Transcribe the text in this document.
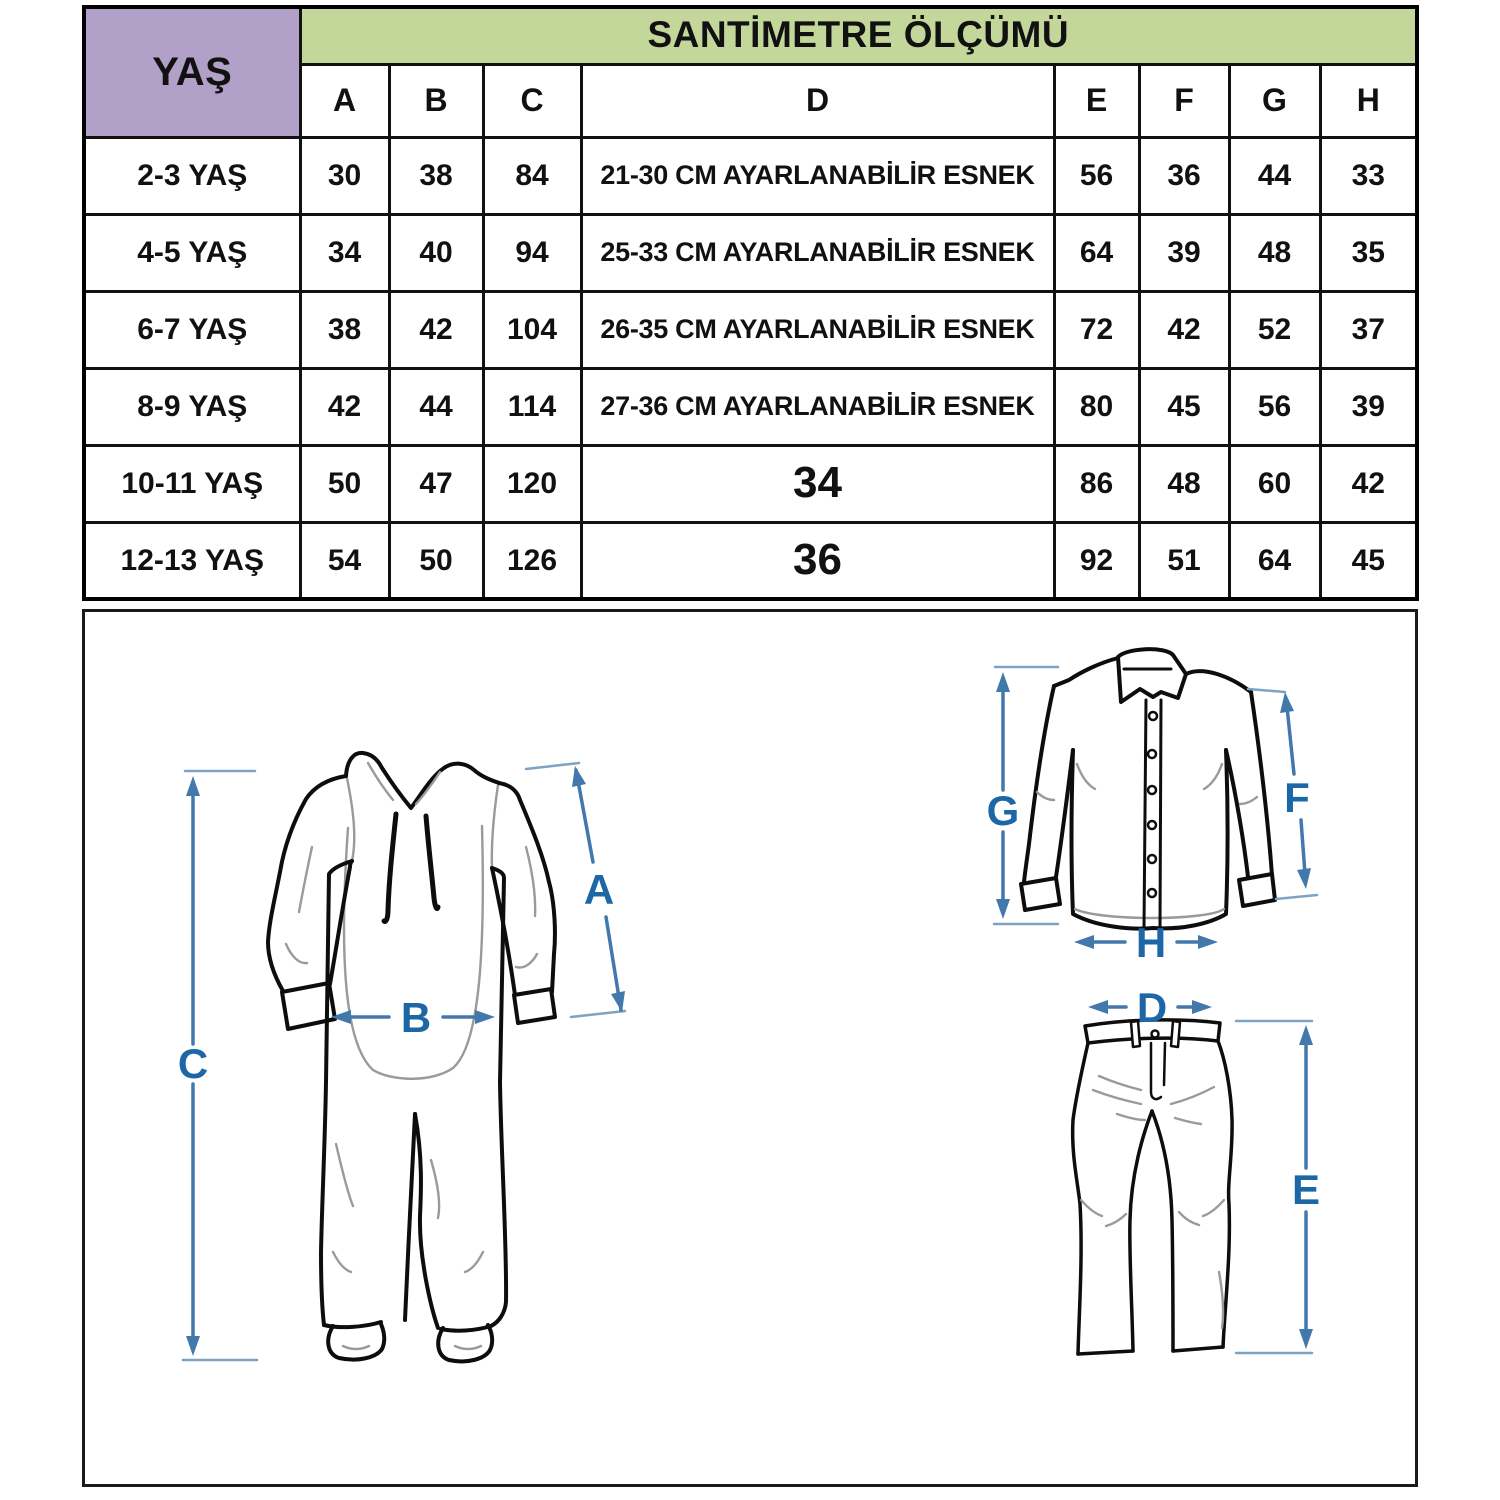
YAŞ	SANTİMETRE ÖLÇÜMÜ							
	A	B	C	D	E	F	G	H
2-3 YAŞ	30	38	84	21-30 CM AYARLANABİLİR ESNEK	56	36	44	33
4-5 YAŞ	34	40	94	25-33 CM AYARLANABİLİR ESNEK	64	39	48	35
6-7 YAŞ	38	42	104	26-35 CM AYARLANABİLİR ESNEK	72	42	52	37
8-9 YAŞ	42	44	114	27-36 CM AYARLANABİLİR ESNEK	80	45	56	39
10-11 YAŞ	50	47	120	34	86	48	60	42
12-13 YAŞ	54	50	126	36	92	51	64	45
C
A
B
G	F
H
D
E
